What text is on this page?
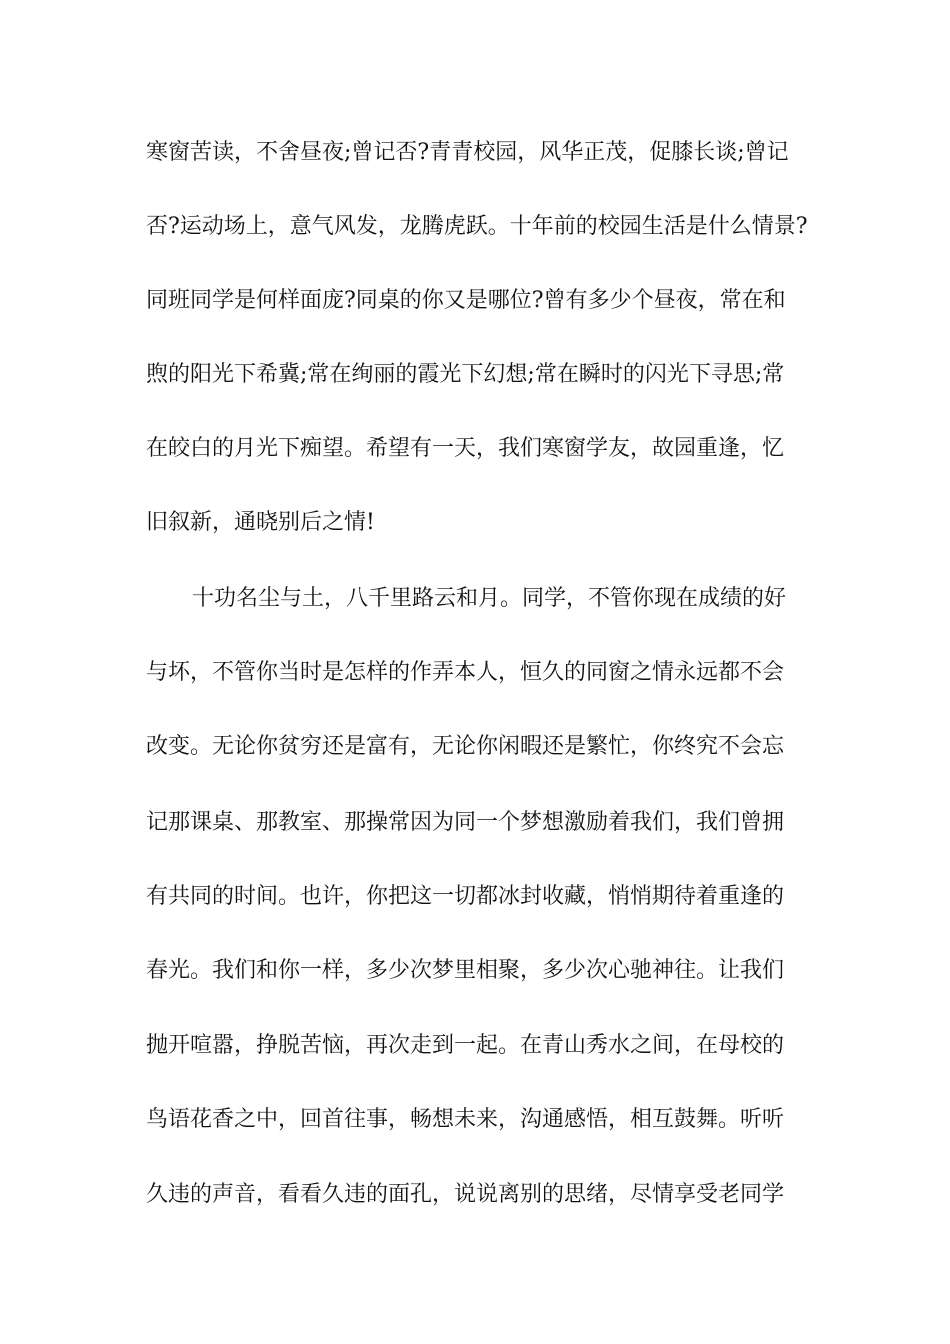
寒窗苦读，不舍昼夜;曾记否?青青校园，风华正茂，促膝长谈;曾记
否?运动场上，意气风发，龙腾虎跃。十年前的校园生活是什么情景?
同班同学是何样面庞?同桌的你又是哪位?曾有多少个昼夜，常在和
煦的阳光下希冀;常在绚丽的霞光下幻想;常在瞬时的闪光下寻思;常
在皎白的月光下痴望。希望有一天，我们寒窗学友，故园重逢，忆
旧叙新，通晓别后之情!
十功名尘与土，八千里路云和月。同学，不管你现在成绩的好
与坏，不管你当时是怎样的作弄本人，恒久的同窗之情永远都不会
改变。无论你贫穷还是富有，无论你闲暇还是繁忙，你终究不会忘
记那课桌、那教室、那操常因为同一个梦想激励着我们，我们曾拥
有共同的时间。也许，你把这一切都冰封收藏，悄悄期待着重逢的
春光。我们和你一样，多少次梦里相聚，多少次心驰神往。让我们
抛开喧嚣，挣脱苦恼，再次走到一起。在青山秀水之间，在母校的
鸟语花香之中，回首往事，畅想未来，沟通感悟，相互鼓舞。听听
久违的声音，看看久违的面孔，说说离别的思绪，尽情享受老同学
